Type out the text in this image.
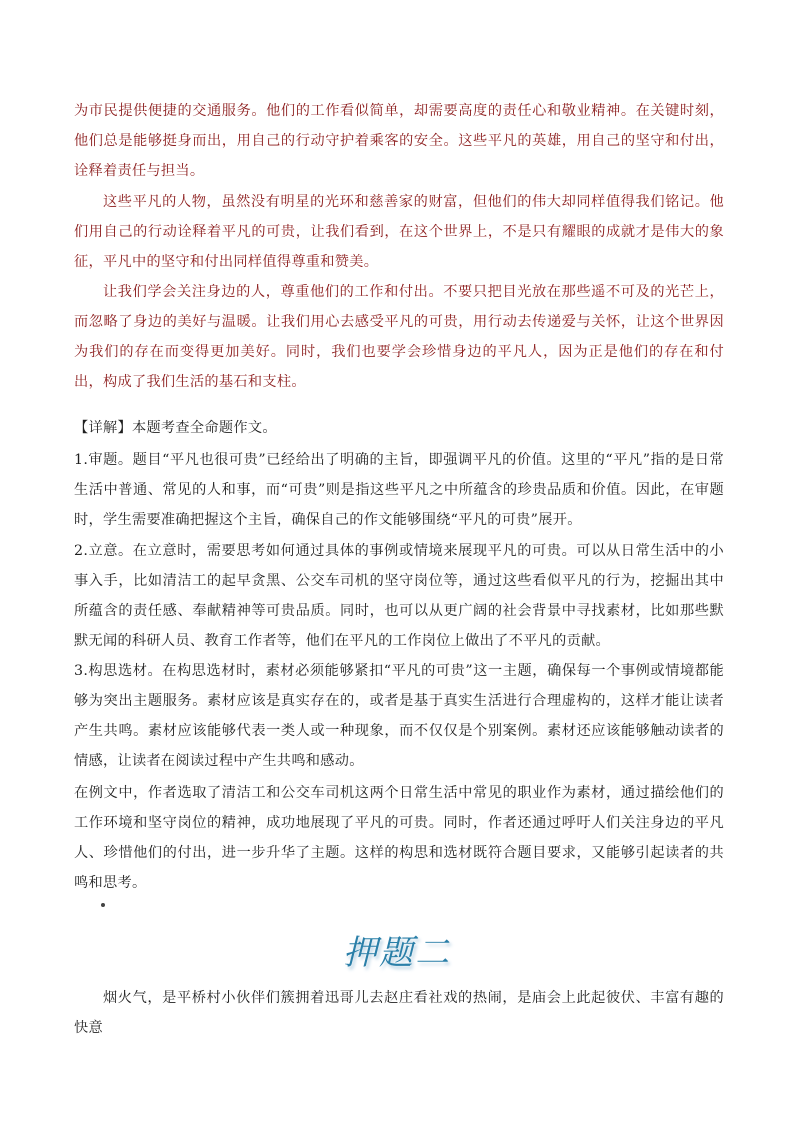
为市民提供便捷的交通服务。他们的工作看似简单，却需要高度的责任心和敬业精神。在关键时刻，他们总是能够挺身而出，用自己的行动守护着乘客的安全。这些平凡的英雄，用自己的坚守和付出，诠释着责任与担当。

这些平凡的人物，虽然没有明星的光环和慈善家的财富，但他们的伟大却同样值得我们铭记。他们用自己的行动诠释着平凡的可贵，让我们看到，在这个世界上，不是只有耀眼的成就才是伟大的象征，平凡中的坚守和付出同样值得尊重和赞美。

让我们学会关注身边的人，尊重他们的工作和付出。不要只把目光放在那些遥不可及的光芒上，而忽略了身边的美好与温暖。让我们用心去感受平凡的可贵，用行动去传递爱与关怀，让这个世界因为我们的存在而变得更加美好。同时，我们也要学会珍惜身边的平凡人，因为正是他们的存在和付出，构成了我们生活的基石和支柱。

【详解】本题考查全命题作文。

1.审题。题目“平凡也很可贵”已经给出了明确的主旨，即强调平凡的价值。这里的“平凡”指的是日常生活中普通、常见的人和事，而“可贵”则是指这些平凡之中所蕴含的珍贵品质和价值。因此，在审题时，学生需要准确把握这个主旨，确保自己的作文能够围绕“平凡的可贵”展开。

2.立意。在立意时，需要思考如何通过具体的事例或情境来展现平凡的可贵。可以从日常生活中的小事入手，比如清洁工的起早贪黑、公交车司机的坚守岗位等，通过这些看似平凡的行为，挖掘出其中所蕴含的责任感、奉献精神等可贵品质。同时，也可以从更广阔的社会背景中寻找素材，比如那些默默无闻的科研人员、教育工作者等，他们在平凡的工作岗位上做出了不平凡的贡献。

3.构思选材。在构思选材时，素材必须能够紧扣“平凡的可贵”这一主题，确保每一个事例或情境都能够为突出主题服务。素材应该是真实存在的，或者是基于真实生活进行合理虚构的，这样才能让读者产生共鸣。素材应该能够代表一类人或一种现象，而不仅仅是个别案例。素材还应该能够触动读者的情感，让读者在阅读过程中产生共鸣和感动。

在例文中，作者选取了清洁工和公交车司机这两个日常生活中常见的职业作为素材，通过描绘他们的工作环境和坚守岗位的精神，成功地展现了平凡的可贵。同时，作者还通过呼吁人们关注身边的平凡人、珍惜他们的付出，进一步升华了主题。这样的构思和选材既符合题目要求，又能够引起读者的共鸣和思考。

押题二

烟火气，是平桥村小伙伴们簇拥着迅哥儿去赵庄看社戏的热闹，是庙会上此起彼伏、丰富有趣的快意
